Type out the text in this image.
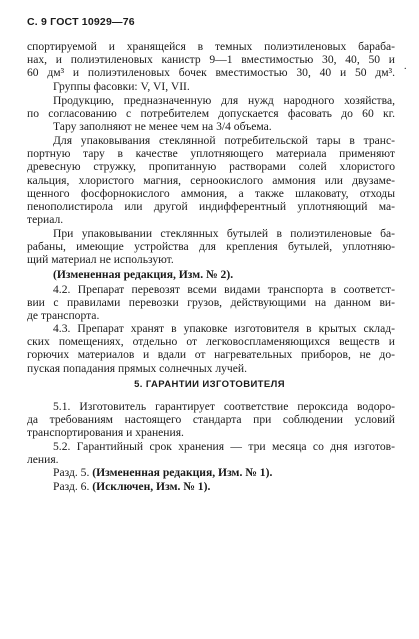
С. 9 ГОСТ 10929—76
.
спортируемой и хранящейся в темных полиэтиленовых бараба-
нах, и полиэтиленовых канистр 9—1 вместимостью 30, 40, 50 и
60 дм³ и полиэтиленовых бочек вместимостью 30, 40 и 50 дм³.
Группы фасовки: V, VI, VII.
Продукцию, предназначенную для нужд народного хозяйства,
по согласованию с потребителем допускается фасовать до 60 кг.
Тару заполняют не менее чем на 3/4 объема.
Для упаковывания стеклянной потребительской тары в транс-
портную тару в качестве уплотняющего материала применяют
древесную стружку, пропитанную растворами солей хлористого
кальция, хлористого магния, серноокислого аммония или двузаме-
щенного фосфорнокислого аммония, а также шлаковату, отходы
пенополистирола или другой индифферентный уплотняющий ма-
териал.
При упаковывании стеклянных бутылей в полиэтиленовые ба-
рабаны, имеющие устройства для крепления бутылей, уплотняю-
щий материал не используют.
(Измененная редакция, Изм. № 2).
4.2. Препарат перевозят всеми видами транспорта в соответст-
вии с правилами перевозки грузов, действующими на данном ви-
де транспорта.
4.3. Препарат хранят в упаковке изготовителя в крытых склад-
ских помещениях, отдельно от легковоспламеняющихся веществ и
горючих материалов и вдали от нагревательных приборов, не до-
пуская попадания прямых солнечных лучей.
5. ГАРАНТИИ ИЗГОТОВИТЕЛЯ
5.1. Изготовитель гарантирует соответствие пероксида водоро-
да требованиям настоящего стандарта при соблюдении условий
транспортирования и хранения.
5.2. Гарантийный срок хранения — три месяца со дня изготов-
ления.
Разд. 5. (Измененная редакция, Изм. № 1).
Разд. 6. (Исключен, Изм. № 1).
